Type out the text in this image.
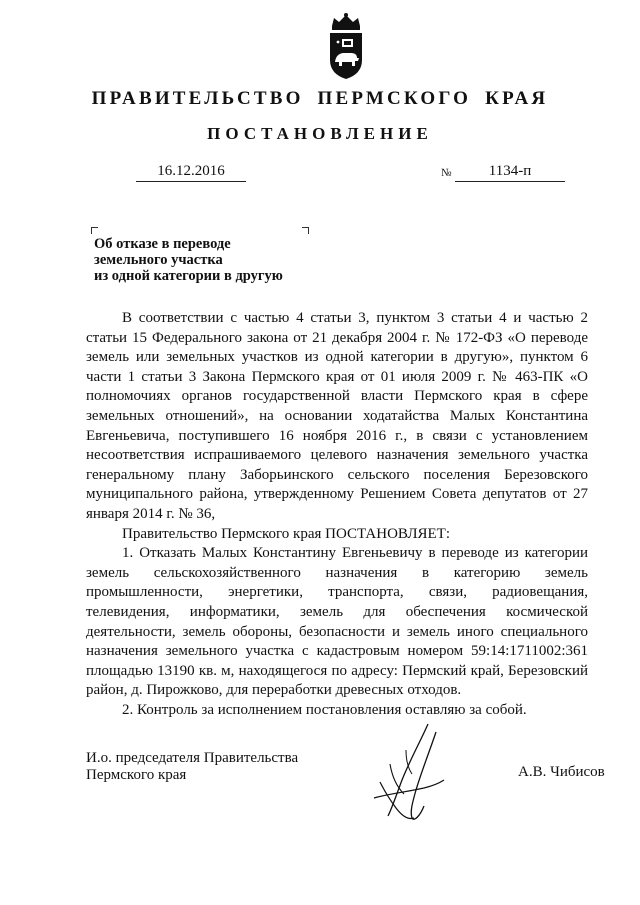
ПРАВИТЕЛЬСТВО ПЕРМСКОГО КРАЯ
ПОСТАНОВЛЕНИЕ
16.12.2016	№	1134-п
Об отказе в переводе
земельного участка
из одной категории в другую

В соответствии с частью 4 статьи 3, пунктом 3 статьи 4 и частью 2 статьи 15 Федерального закона от 21 декабря 2004 г. № 172-ФЗ «О переводе земель или земельных участков из одной категории в другую», пунктом 6 части 1 статьи 3 Закона Пермского края от 01 июля 2009 г. № 463-ПК «О полномочиях органов государственной власти Пермского края в сфере земельных отношений», на основании ходатайства Малых Константина Евгеньевича, поступившего 16 ноября 2016 г., в связи с установлением несоответствия испрашиваемого целевого назначения земельного участка генеральному плану Заборьинского сельского поселения Березовского муниципального района, утвержденному Решением Совета депутатов от 27 января 2014 г. № 36,

Правительство Пермского края ПОСТАНОВЛЯЕТ:

1. Отказать Малых Константину Евгеньевичу в переводе из категории земель сельскохозяйственного назначения в категорию земель промышленности, энергетики, транспорта, связи, радиовещания, телевидения, информатики, земель для обеспечения космической деятельности, земель обороны, безопасности и земель иного специального назначения земельного участка с кадастровым номером 59:14:1711002:361 площадью 13190 кв. м, находящегося по адресу: Пермский край, Березовский район, д. Пирожково, для переработки древесных отходов.

2. Контроль за исполнением постановления оставляю за собой.

И.о. председателя Правительства
Пермского края	А.В. Чибисов
